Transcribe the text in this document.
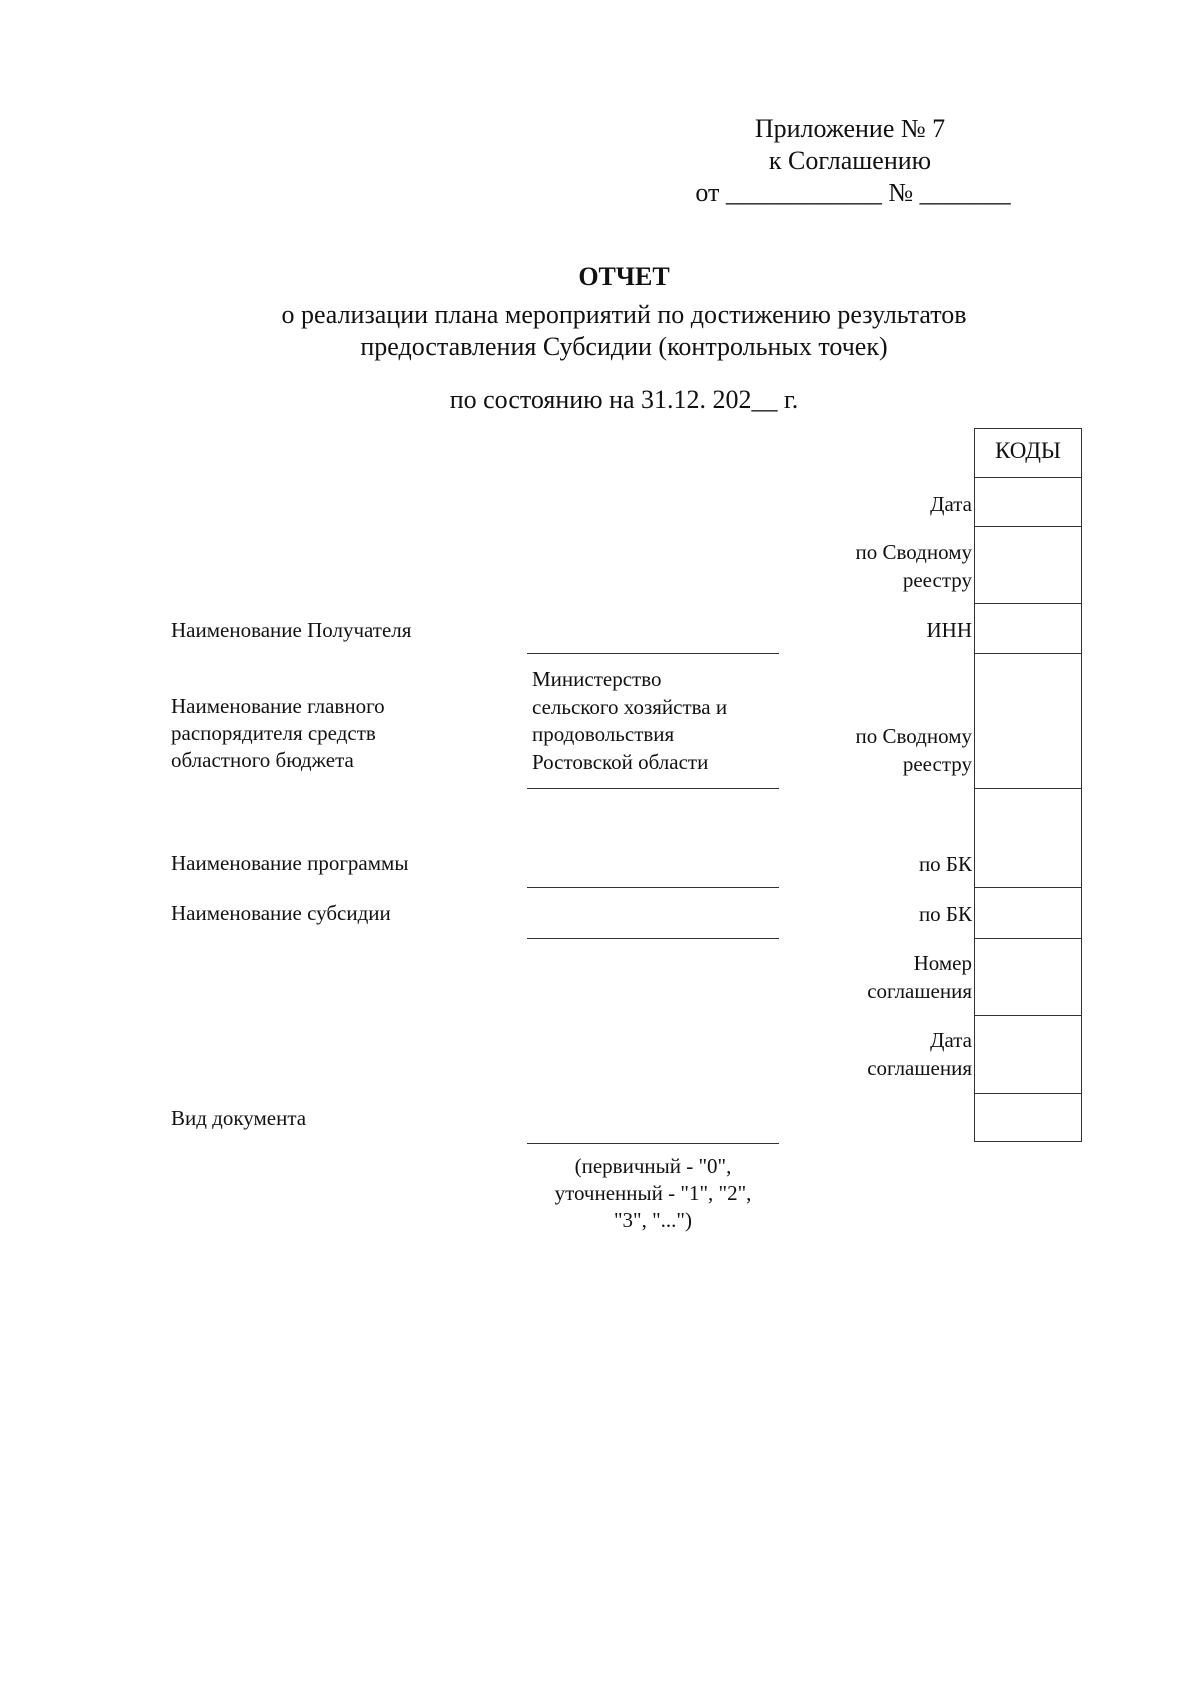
Приложение № 7
к Соглашению
от ____________ № _______
ОТЧЕТ
о реализации плана мероприятий по достижению результатов
предоставления Субсидии (контрольных точек)
по состоянию на 31.12. 202__ г.
КОДЫ
Дата
по Сводному
реестру
ИНН
по Сводному
реестру
по БК
по БК
Номер
соглашения
Дата
соглашения
Наименование Получателя
Наименование главного
распорядителя средств
областного бюджета
Наименование программы
Наименование субсидии
Вид документа
Министерство
сельского хозяйства и
продовольствия
Ростовской области
(первичный - "0",
уточненный - "1", "2",
"3", "...")
